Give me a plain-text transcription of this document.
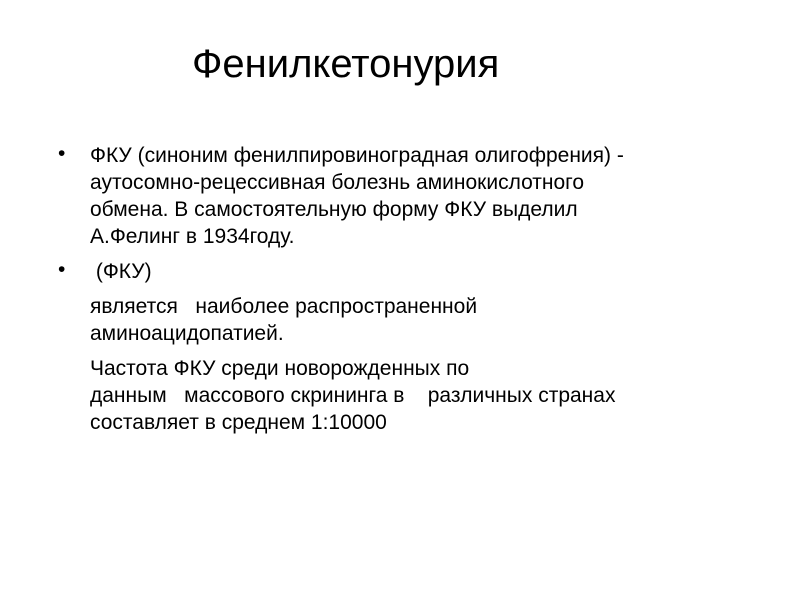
Фенилкетонурия
•	ФКУ (синоним фенилпировиноградная олигофрения) -
аутосомно-рецессивная болезнь аминокислотного
обмена. В самостоятельную форму ФКУ выделил
А.Фелинг в 1934году.
•	(ФКУ)
является   наиболее распространенной
аминоацидопатией.
Частота ФКУ среди новорожденных по
данным   массового скрининга в    различных странах
составляет в среднем 1:10000
